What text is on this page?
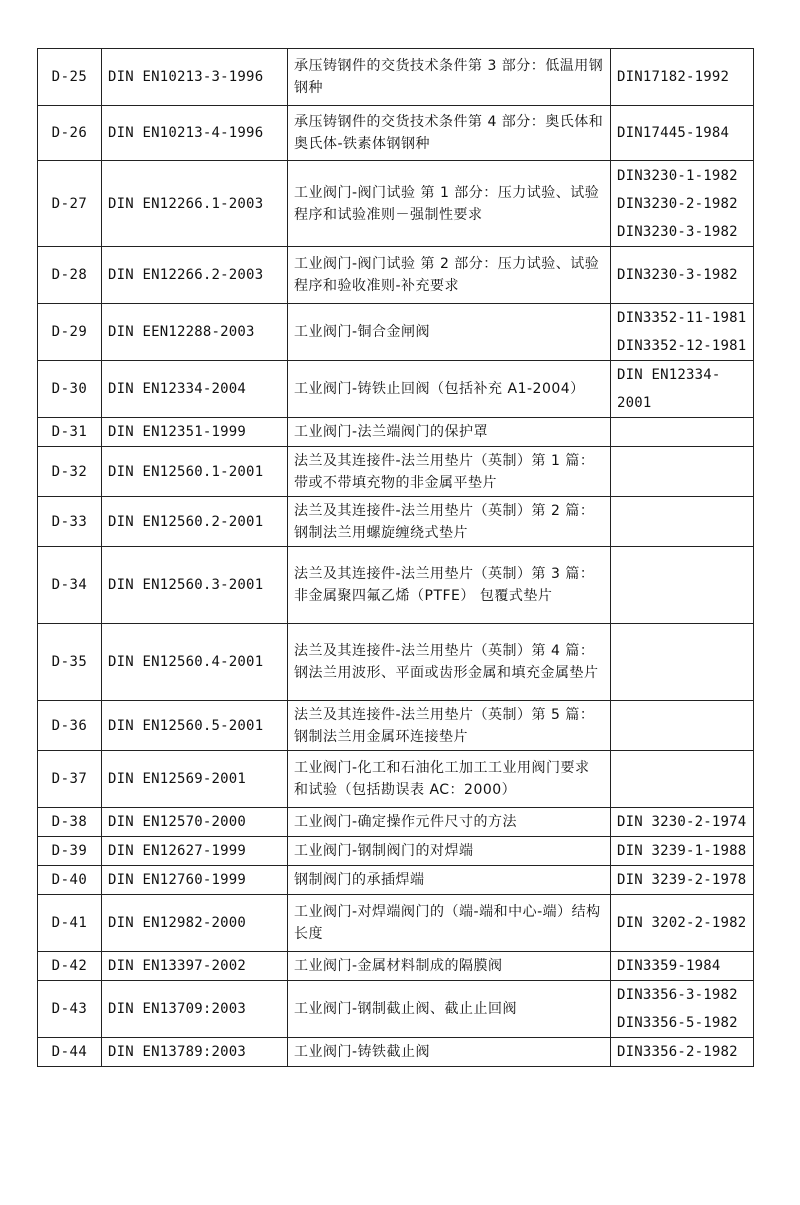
D-25	DIN EN10213-3-1996	承压铸钢件的交货技术条件第 3 部分：低温用钢钢种	DIN17182-1992

D-26	DIN EN10213-4-1996	承压铸钢件的交货技术条件第 4 部分：奥氏体和奥氏体-铁素体钢钢种	DIN17445-1984

D-27	DIN EN12266.1-2003	工业阀门-阀门试验 第 1 部分：压力试验、试验程序和试验准则－强制性要求	DIN3230-1-1982
DIN3230-2-1982
DIN3230-3-1982

D-28	DIN EN12266.2-2003	工业阀门-阀门试验 第 2 部分：压力试验、试验程序和验收准则-补充要求	DIN3230-3-1982

D-29	DIN EEN12288-2003	工业阀门-铜合金闸阀	DIN3352-11-1981
DIN3352-12-1981

D-30	DIN EN12334-2004	工业阀门-铸铁止回阀（包括补充 A1-2004）	DIN EN12334-2001

D-31	DIN EN12351-1999	工业阀门-法兰端阀门的保护罩	
D-32	DIN EN12560.1-2001	法兰及其连接件-法兰用垫片（英制）第 1 篇：带或不带填充物的非金属平垫片	
D-33	DIN EN12560.2-2001	法兰及其连接件-法兰用垫片（英制）第 2 篇：钢制法兰用螺旋缠绕式垫片	
D-34	DIN EN12560.3-2001	法兰及其连接件-法兰用垫片（英制）第 3 篇：非金属聚四氟乙烯（PTFE） 包覆式垫片	
D-35	DIN EN12560.4-2001	法兰及其连接件-法兰用垫片（英制）第 4 篇：钢法兰用波形、平面或齿形金属和填充金属垫片	
D-36	DIN EN12560.5-2001	法兰及其连接件-法兰用垫片（英制）第 5 篇：钢制法兰用金属环连接垫片	
D-37	DIN EN12569-2001	工业阀门-化工和石油化工加工工业用阀门要求和试验（包括勘误表 AC：2000）	
D-38	DIN EN12570-2000	工业阀门-确定操作元件尺寸的方法	DIN 3230-2-1974

D-39	DIN EN12627-1999	工业阀门-钢制阀门的对焊端	DIN 3239-1-1988

D-40	DIN EN12760-1999	钢制阀门的承插焊端	DIN 3239-2-1978

D-41	DIN EN12982-2000	工业阀门-对焊端阀门的（端-端和中心-端）结构长度	DIN 3202-2-1982

D-42	DIN EN13397-2002	工业阀门-金属材料制成的隔膜阀	DIN3359-1984

D-43	DIN EN13709:2003	工业阀门-钢制截止阀、截止止回阀	DIN3356-3-1982
DIN3356-5-1982

D-44	DIN EN13789:2003	工业阀门-铸铁截止阀	DIN3356-2-1982
